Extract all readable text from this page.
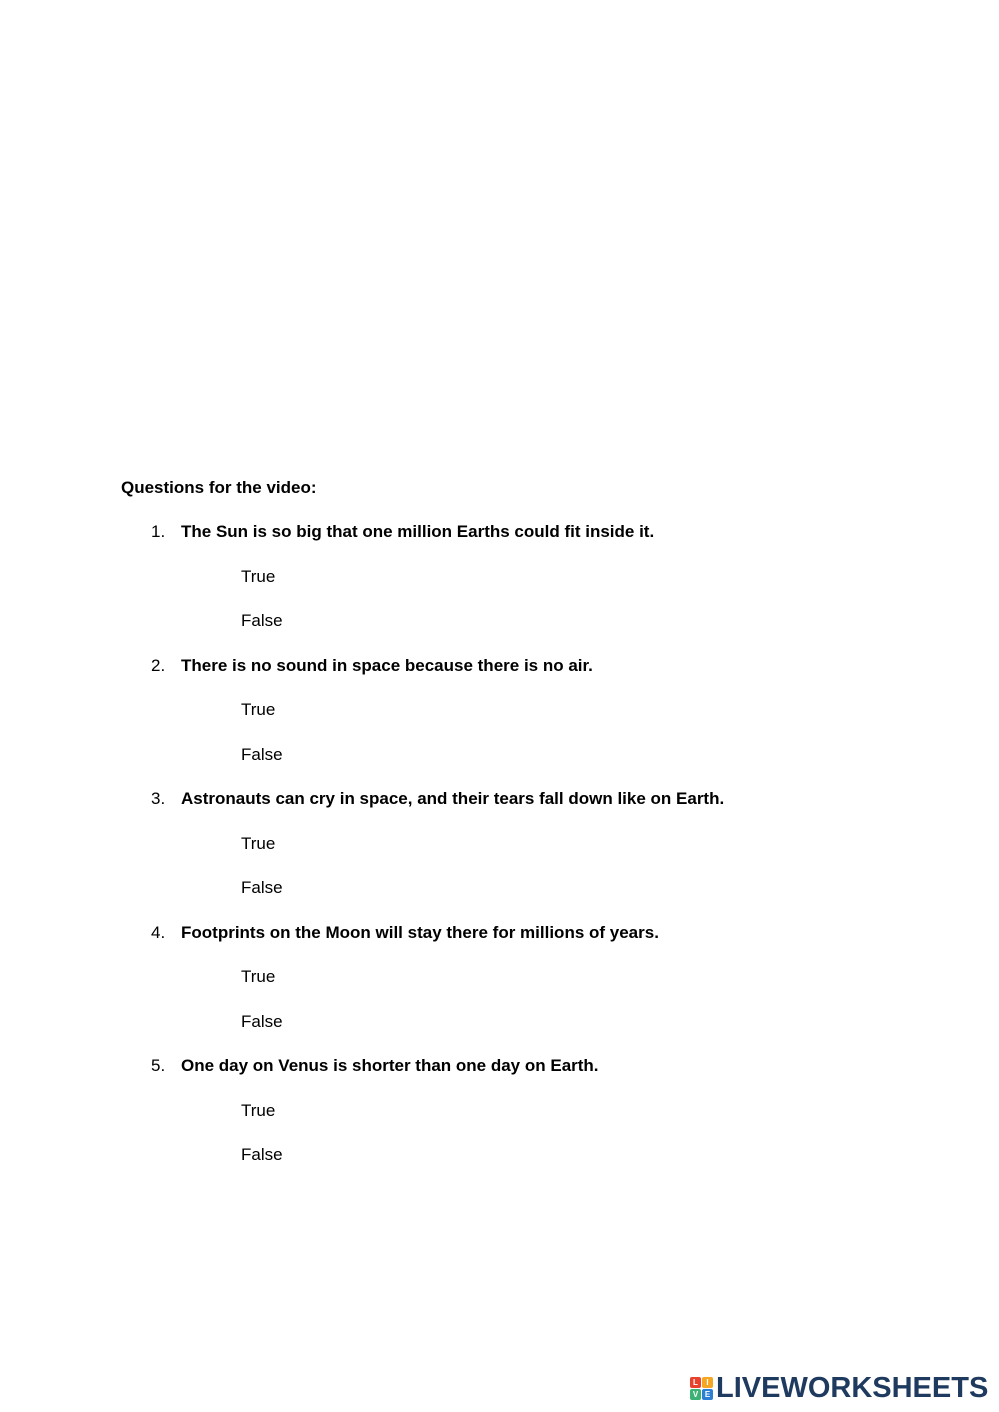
Questions for the video:
1. The Sun is so big that one million Earths could fit inside it.
True
False
2. There is no sound in space because there is no air.
True
False
3. Astronauts can cry in space, and their tears fall down like on Earth.
True
False
4. Footprints on the Moon will stay there for millions of years.
True
False
5. One day on Venus is shorter than one day on Earth.
True
False
L	I
V E LIVEWORKSHEETS
